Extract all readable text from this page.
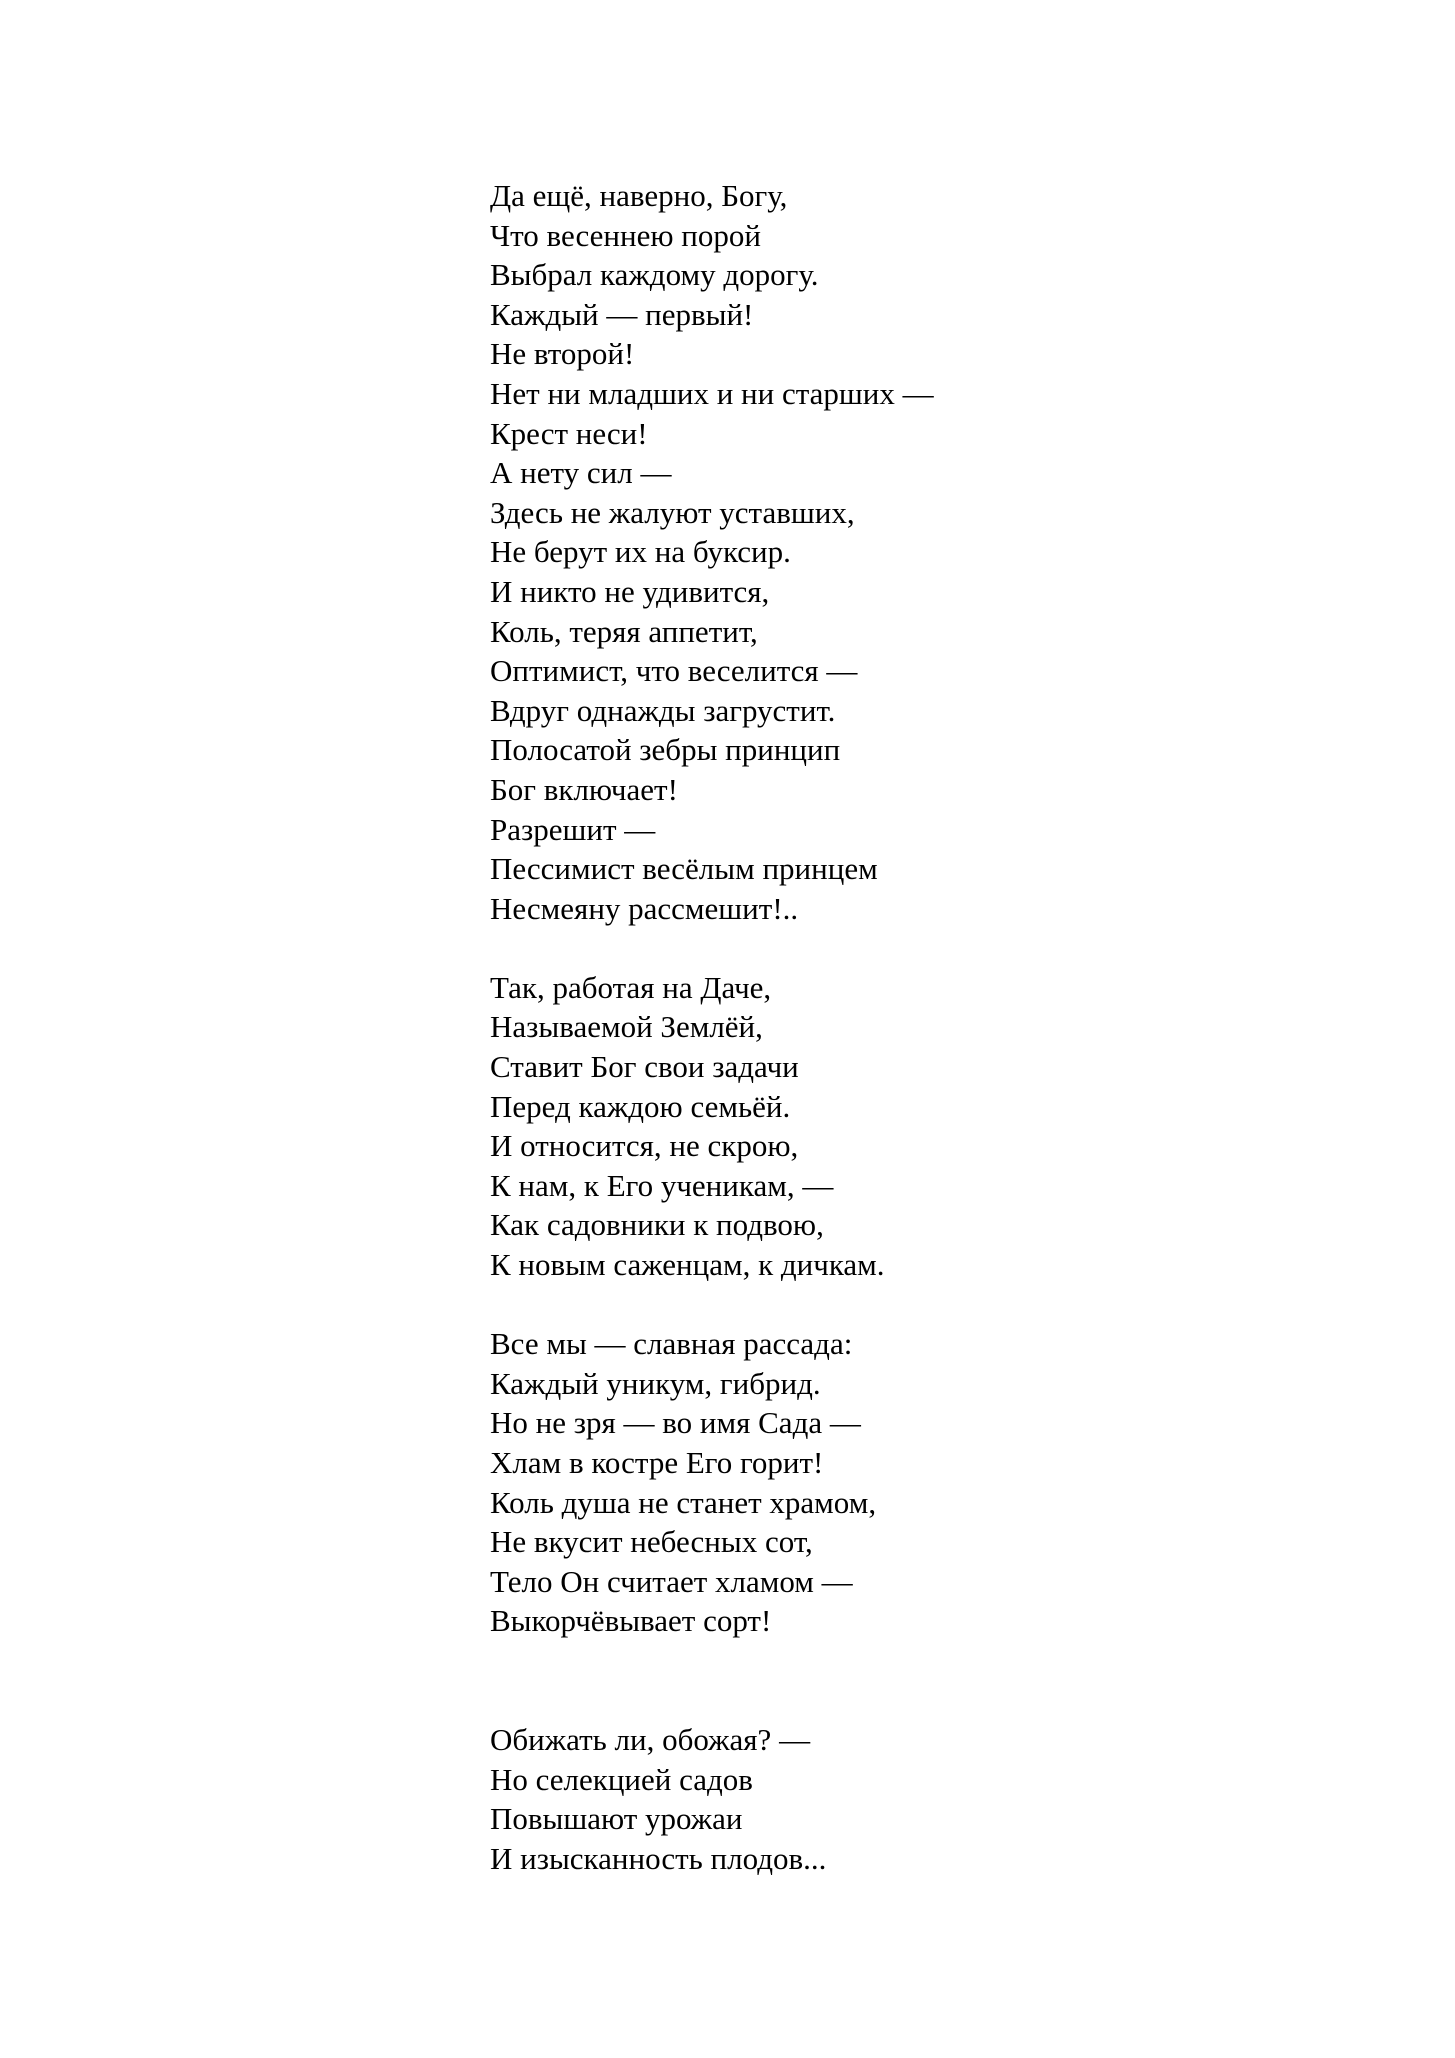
Да ещё, наверно, Богу,
Что весеннею порой
Выбрал каждому дорогу.
Каждый — первый!
Не второй!
Нет ни младших и ни старших —
Крест неси!
А нету сил —
Здесь не жалуют уставших,
Не берут их на буксир.
И никто не удивится,
Коль, теряя аппетит,
Оптимист, что веселится —
Вдруг однажды загрустит.
Полосатой зебры принцип
Бог включает!
Разрешит —
Пессимист весёлым принцем
Несмеяну рассмешит!..
Так, работая на Даче,
Называемой Землёй,
Ставит Бог свои задачи
Перед каждою семьёй.
И относится, не скрою,
К нам, к Его ученикам, —
Как садовники к подвою,
К новым саженцам, к дичкам.
Все мы — славная рассада:
Каждый уникум, гибрид.
Но не зря — во имя Сада —
Хлам в костре Его горит!
Коль душа не станет храмом,
Не вкусит небесных сот,
Тело Он считает хламом —
Выкорчёвывает сорт!
Обижать ли, обожая? —
Но селекцией садов
Повышают урожаи
И изысканность плодов...
